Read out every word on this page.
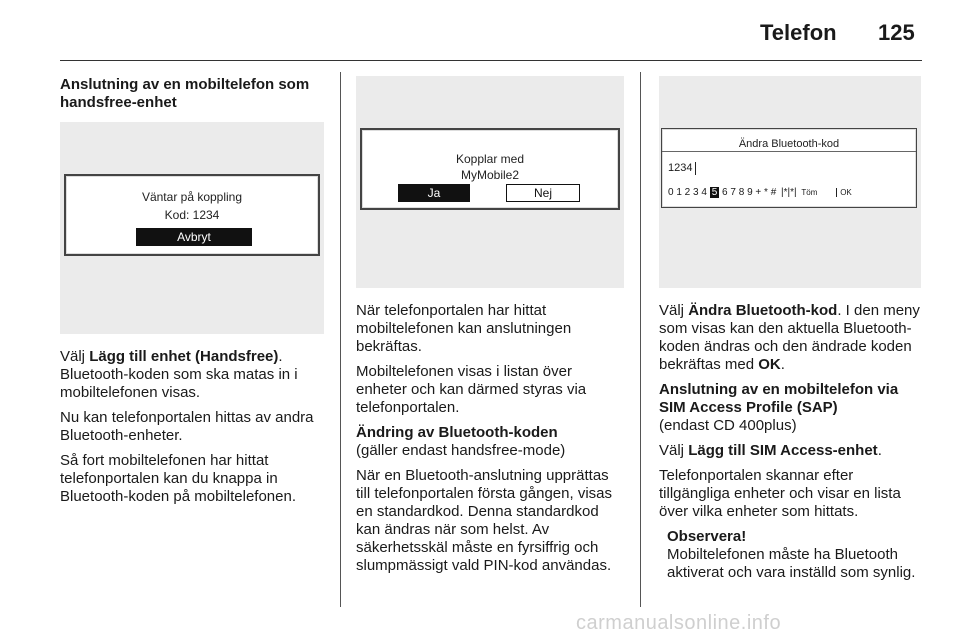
Telefon 125

Anslutning av en mobiltelefon som handsfree-enhet

Väntar på koppling
Kod: 1234
Avbryt

Välj Lägg till enhet (Handsfree). Bluetooth-koden som ska matas in i mobiltelefonen visas.

Nu kan telefonportalen hittas av andra Bluetooth-enheter.

Så fort mobiltelefonen har hittat telefonportalen kan du knappa in Bluetooth-koden på mobiltelefonen.

Kopplar med
MyMobile2
Ja	Nej

När telefonportalen har hittat mobiltelefonen kan anslutningen bekräftas.

Mobiltelefonen visas i listan över enheter och kan därmed styras via telefonportalen.

Ändring av Bluetooth-koden

(gäller endast handsfree-mode)

När en Bluetooth-anslutning upprättas till telefonportalen första gången, visas en standardkod. Denna standardkod kan ändras när som helst. Av säkerhetsskäl måste en fyrsiffrig och slumpmässigt vald PIN-kod användas.

Ändra Bluetooth-kod
1234
0 1 2 3 4 5 6 7 8 9 + * # |*|*| Töm	OK

Välj Ändra Bluetooth-kod. I den meny som visas kan den aktuella Bluetooth-koden ändras och den ändrade koden bekräftas med OK.

Anslutning av en mobiltelefon via SIM Access Profile (SAP)

(endast CD 400plus)

Välj Lägg till SIM Access-enhet.

Telefonportalen skannar efter tillgängliga enheter och visar en lista över vilka enheter som hittats.

Observera!

Mobiltelefonen måste ha Bluetooth aktiverat och vara inställd som synlig.

carmanualsonline.info
